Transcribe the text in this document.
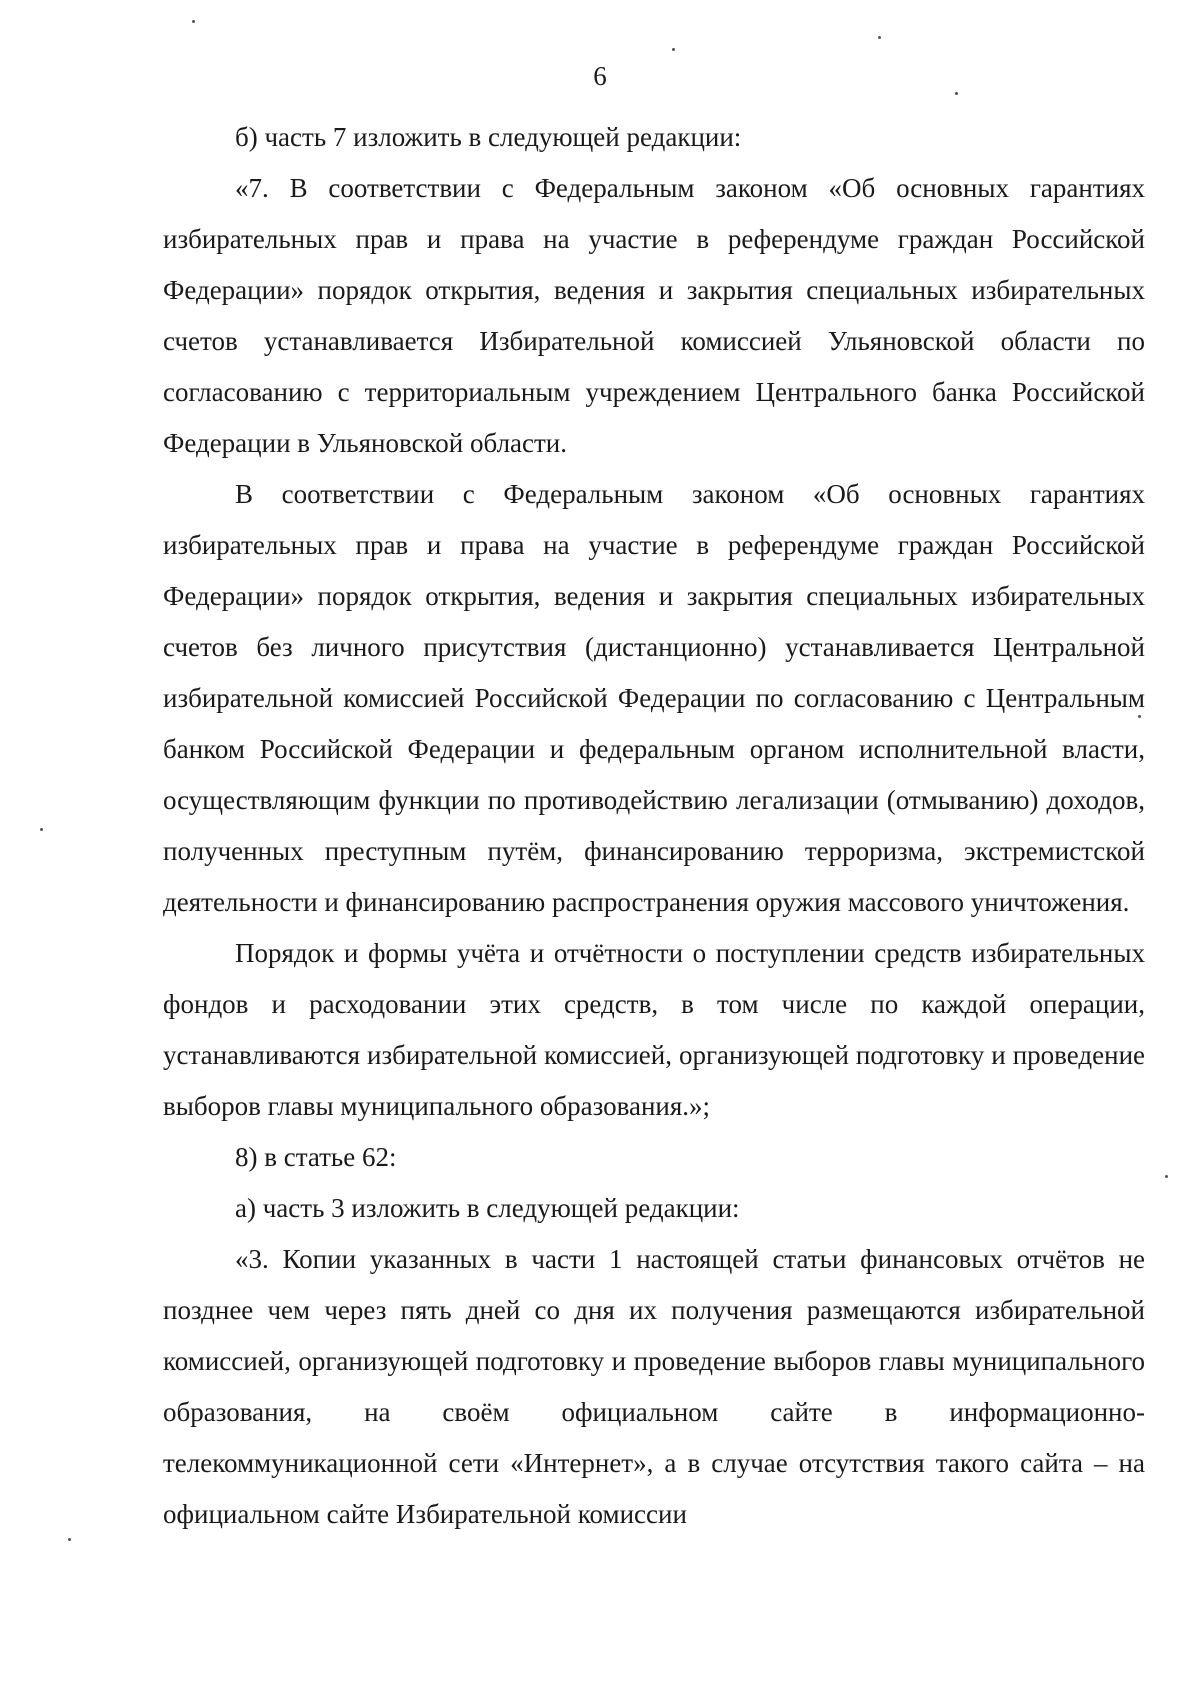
6

б) часть 7 изложить в следующей редакции:

«7. В соответствии с Федеральным законом «Об основных гарантиях избирательных прав и права на участие в референдуме граждан Российской Федерации» порядок открытия, ведения и закрытия специальных избирательных счетов устанавливается Избирательной комиссией Ульяновской области по согласованию с территориальным учреждением Центрального банка Российской Федерации в Ульяновской области.

В соответствии с Федеральным законом «Об основных гарантиях избирательных прав и права на участие в референдуме граждан Российской Федерации» порядок открытия, ведения и закрытия специальных избирательных счетов без личного присутствия (дистанционно) устанавливается Центральной избирательной комиссией Российской Федерации по согласованию с Центральным банком Российской Федерации и федеральным органом исполнительной власти, осуществляющим функции по противодействию легализации (отмыванию) доходов, полученных преступным путём, финансированию терроризма, экстремистской деятельности и финансированию распространения оружия массового уничтожения.

Порядок и формы учёта и отчётности о поступлении средств избирательных фондов и расходовании этих средств, в том числе по каждой операции, устанавливаются избирательной комиссией, организующей подготовку и проведение выборов главы муниципального образования.»;

8) в статье 62:

а) часть 3 изложить в следующей редакции:

«3. Копии указанных в части 1 настоящей статьи финансовых отчётов не позднее чем через пять дней со дня их получения размещаются избирательной комиссией, организующей подготовку и проведение выборов главы муниципального образования, на своём официальном сайте в информационно-телекоммуникационной сети «Интернет», а в случае отсутствия такого сайта – на официальном сайте Избирательной комиссии
